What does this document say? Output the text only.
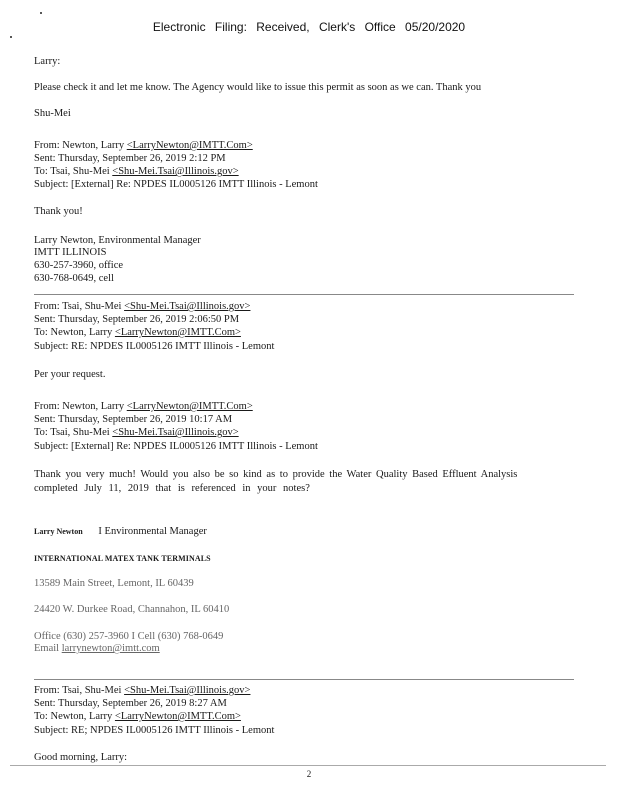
Electronic Filing: Received, Clerk's Office 05/20/2020
Larry:
Please check it and let me know. The Agency would like to issue this permit as soon as we can. Thank you
Shu-Mei
From: Newton, Larry <LarryNewton@IMTT.Com>
Sent: Thursday, September 26, 2019 2:12 PM
To: Tsai, Shu-Mei <Shu-Mei.Tsai@Illinois.gov>
Subject: [External] Re: NPDES IL0005126 IMTT Illinois - Lemont
Thank you!
Larry Newton, Environmental Manager
IMTT ILLINOIS
630-257-3960, office
630-768-0649, cell
From: Tsai, Shu-Mei <Shu-Mei.Tsai@Illinois.gov>
Sent: Thursday, September 26, 2019 2:06:50 PM
To: Newton, Larry <LarryNewton@IMTT.Com>
Subject: RE: NPDES IL0005126 IMTT Illinois - Lemont
Per your request.
From: Newton, Larry <LarryNewton@IMTT.Com>
Sent: Thursday, September 26, 2019 10:17 AM
To: Tsai, Shu-Mei <Shu-Mei.Tsai@Illinois.gov>
Subject: [External] Re: NPDES IL0005126 IMTT Illinois - Lemont
Thank you very much! Would you also be so kind as to provide the Water Quality Based Effluent Analysis
completed July 11, 2019 that is referenced in your notes?
Larry Newton I Environmental Manager
INTERNATIONAL MATEX TANK TERMINALS
13589 Main Street, Lemont, IL 60439
24420 W. Durkee Road, Channahon, IL 60410
Office (630) 257-3960 I Cell (630) 768-0649
Email larrynewton@imtt.com
From: Tsai, Shu-Mei <Shu-Mei.Tsai@Illinois.gov>
Sent: Thursday, September 26, 2019 8:27 AM
To: Newton, Larry <LarryNewton@IMTT.Com>
Subject: RE; NPDES IL0005126 IMTT Illinois - Lemont
Good morning, Larry:
2
